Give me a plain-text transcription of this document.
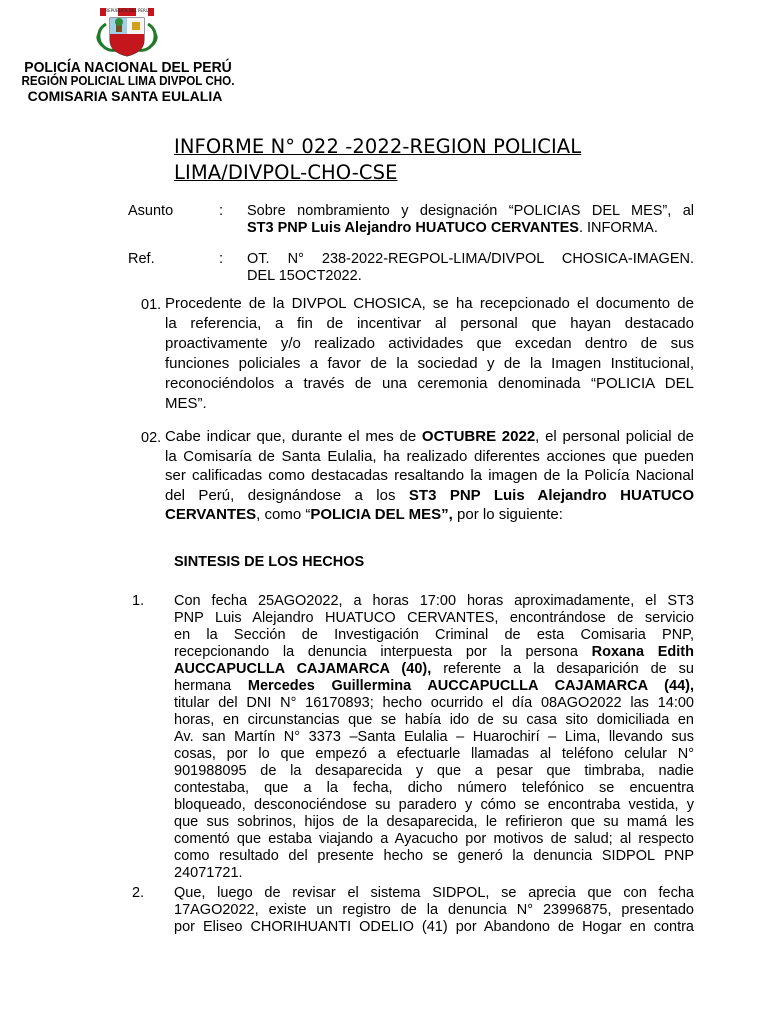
REPÚBLICA DEL PERÚ
POLICÍA NACIONAL DEL PERÚ
REGIÓN POLICIAL LIMA DIVPOL CHO.
COMISARIA SANTA EULALIA
INFORME N° 022 -2022-REGION POLICIAL
LIMA/DIVPOL-CHO-CSE
Asunto	: Sobre nombramiento y designación “POLICIAS DEL MES”, al
ST3 PNP Luis Alejandro HUATUCO CERVANTES. INFORMA.
Ref.	: OT. N° 238-2022-REGPOL-LIMA/DIVPOL CHOSICA-IMAGEN.
DEL 15OCT2022.
01. Procedente de la DIVPOL CHOSICA, se ha recepcionado el documento de
la referencia, a fin de incentivar al personal que hayan destacado
proactivamente y/o realizado actividades que excedan dentro de sus
funciones policiales a favor de la sociedad y de la Imagen Institucional,
reconociéndolos a través de una ceremonia denominada “POLICIA DEL
MES”.
02. Cabe indicar que, durante el mes de OCTUBRE 2022, el personal policial de
la Comisaría de Santa Eulalia, ha realizado diferentes acciones que pueden
ser calificadas como destacadas resaltando la imagen de la Policía Nacional
del Perú, designándose a los ST3 PNP Luis Alejandro HUATUCO
CERVANTES, como “POLICIA DEL MES”, por lo siguiente:
SINTESIS DE LOS HECHOS
1. Con fecha 25AGO2022, a horas 17:00 horas aproximadamente, el ST3
PNP Luis Alejandro HUATUCO CERVANTES, encontrándose de servicio
en la Sección de Investigación Criminal de esta Comisaria PNP,
recepcionando la denuncia interpuesta por la persona Roxana Edith
AUCCAPUCLLA CAJAMARCA (40), referente a la desaparición de su
hermana Mercedes Guillermina AUCCAPUCLLA CAJAMARCA (44),
titular del DNI N° 16170893; hecho ocurrido el día 08AGO2022 las 14:00
horas, en circunstancias que se había ido de su casa sito domiciliada en
Av. san Martín N° 3373 –Santa Eulalia – Huarochirí – Lima, llevando sus
cosas, por lo que empezó a efectuarle llamadas al teléfono celular N°
901988095 de la desaparecida y que a pesar que timbraba, nadie
contestaba, que a la fecha, dicho número telefónico se encuentra
bloqueado, desconociéndose su paradero y cómo se encontraba vestida, y
que sus sobrinos, hijos de la desaparecida, le refirieron que su mamá les
comentó que estaba viajando a Ayacucho por motivos de salud; al respecto
como resultado del presente hecho se generó la denuncia SIDPOL PNP
24071721.
2. Que, luego de revisar el sistema SIDPOL, se aprecia que con fecha
17AGO2022, existe un registro de la denuncia N° 23996875, presentado
por Eliseo CHORIHUANTI ODELIO (41) por Abandono de Hogar en contra
